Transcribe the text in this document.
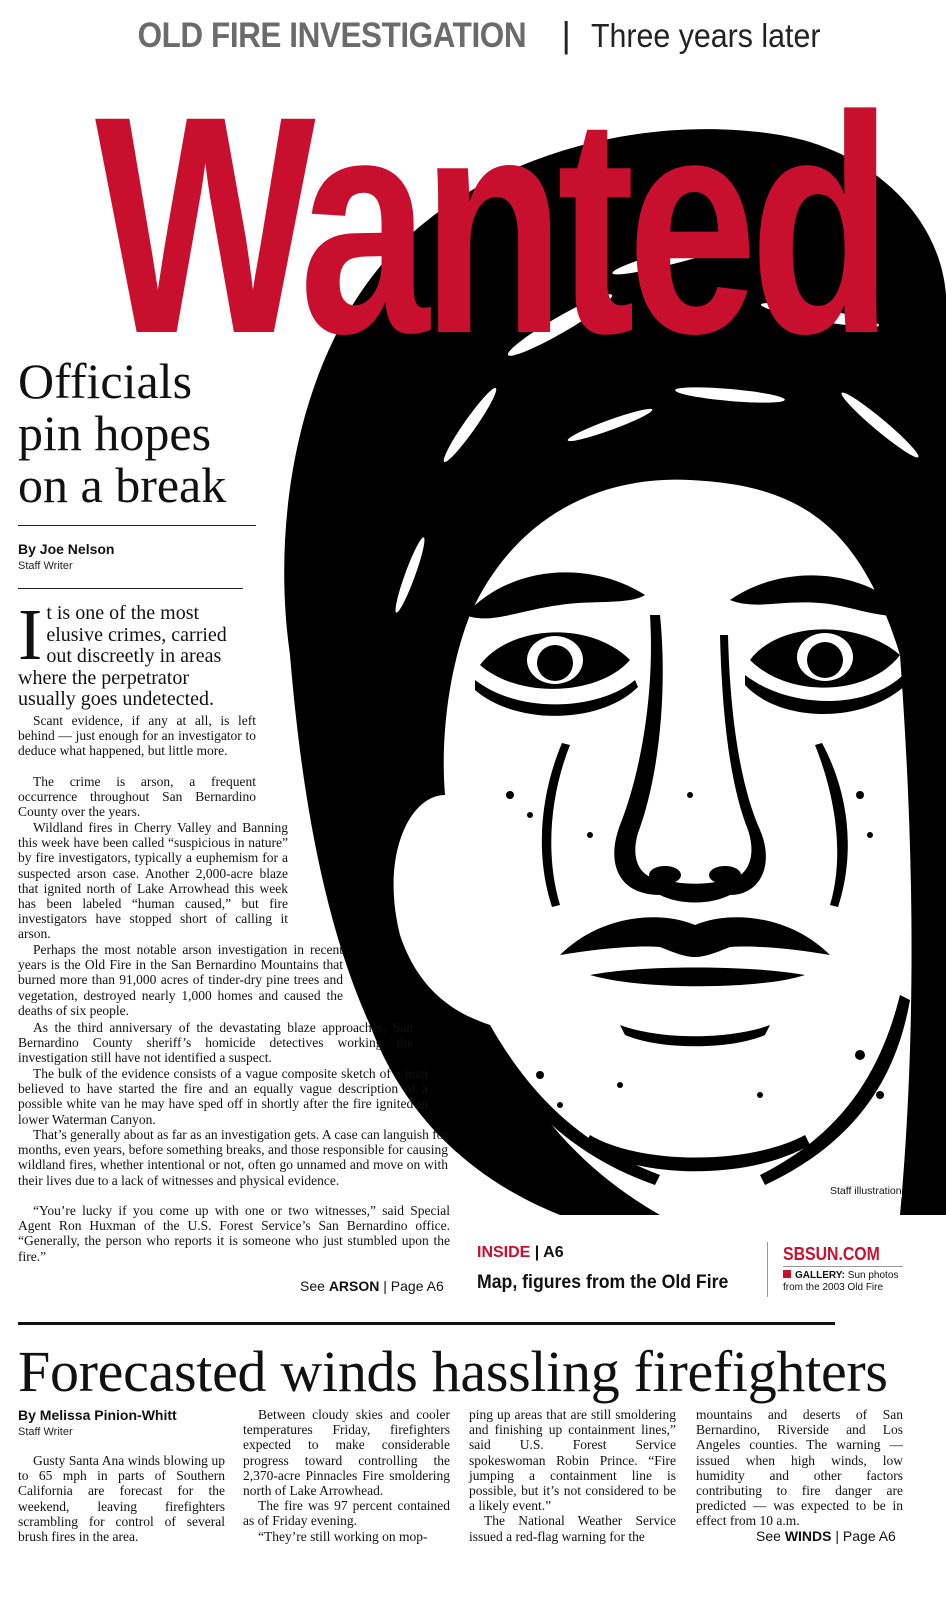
OLD FIRE INVESTIGATION | Three years later
Wanted
Officials pin hopes on a break
By Joe Nelson
Staff Writer
It is one of the most elusive crimes, carried out discreetly in areas where the perpetrator usually goes undetected.

Scant evidence, if any at all, is left behind — just enough for an investigator to deduce what happened, but little more.

The crime is arson, a frequent occurrence throughout San Bernardino County over the years.

Wildland fires in Cherry Valley and Banning this week have been called “suspicious in nature” by fire investigators, typically a euphemism for a suspected arson case. Another 2,000-acre blaze that ignited north of Lake Arrowhead this week has been labeled “human caused,” but fire investigators have stopped short of calling it arson.

Perhaps the most notable arson investigation in recent years is the Old Fire in the San Bernardino Mountains that burned more than 91,000 acres of tinder-dry pine trees and vegetation, destroyed nearly 1,000 homes and caused the deaths of six people.

As the third anniversary of the devastating blaze approaches, San Bernardino County sheriff’s homicide detectives working the investigation still have not identified a suspect.

The bulk of the evidence consists of a vague composite sketch of a man believed to have started the fire and an equally vague description of a possible white van he may have sped off in shortly after the fire ignited in lower Waterman Canyon.

That’s generally about as far as an investigation gets. A case can languish for months, even years, before something breaks, and those responsible for causing wildland fires, whether intentional or not, often go unnamed and move on with their lives due to a lack of witnesses and physical evidence.

“You’re lucky if you come up with one or two witnesses,” said Special Agent Ron Huxman of the U.S. Forest Service’s San Bernardino office. “Generally, the person who reports it is someone who just stumbled upon the fire.”

See ARSON | Page A6
Staff illustration
INSIDE | A6
Map, figures from the Old Fire
SBSUN.COM
GALLERY: Sun photos from the 2003 Old Fire
Forecasted winds hassling firefighters
By Melissa Pinion-Whitt
Staff Writer

Gusty Santa Ana winds blowing up to 65 mph in parts of Southern California are forecast for the weekend, leaving firefighters scrambling for control of several brush fires in the area.

Between cloudy skies and cooler temperatures Friday, firefighters expected to make considerable progress toward controlling the 2,370-acre Pinnacles Fire smoldering north of Lake Arrowhead.

The fire was 97 percent contained as of Friday evening.

“They’re still working on mop-

ping up areas that are still smoldering and finishing up containment lines,” said U.S. Forest Service spokeswoman Robin Prince. “Fire jumping a containment line is possible, but it’s not considered to be a likely event.”

The National Weather Service issued a red-flag warning for the

mountains and deserts of San Bernardino, Riverside and Los Angeles counties. The warning — issued when high winds, low humidity and other factors contributing to fire danger are predicted — was expected to be in effect from 10 a.m.

See WINDS | Page A6
